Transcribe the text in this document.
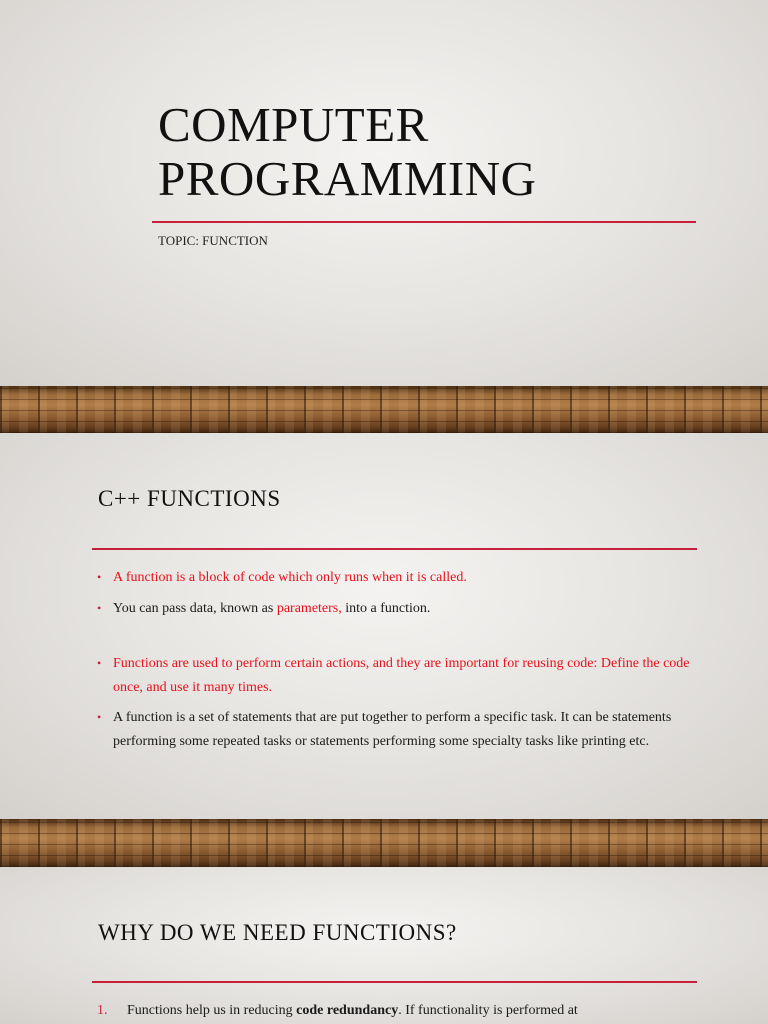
COMPUTER
PROGRAMMING
TOPIC: FUNCTION
C++ FUNCTIONS
• A function is a block of code which only runs when it is called.
• You can pass data, known as parameters, into a function.
• Functions are used to perform certain actions, and they are important for reusing code: Define the code once, and use it many times.
• A function is a set of statements that are put together to perform a specific task. It can be statements performing some repeated tasks or statements performing some specialty tasks like printing etc.
WHY DO WE NEED FUNCTIONS?
1. Functions help us in reducing code redundancy. If functionality is performed at
